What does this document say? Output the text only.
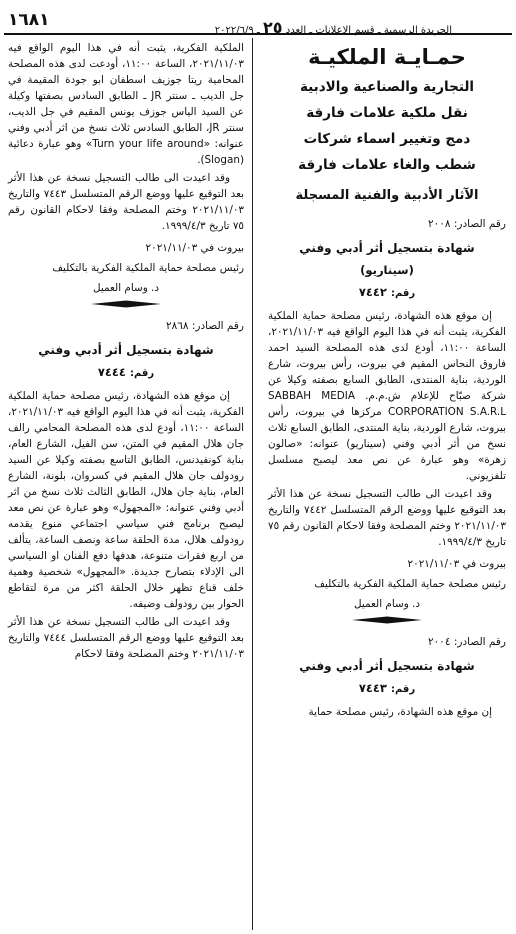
الجريدة الرسمية ـ قسم الاعلانات ـ العدد ٢٥ ـ ٢٠٢٢/٦/٩
١٦٨١
حمـايـة الملكيـة
التجارية والصناعية والادبية
نقل ملكية علامات فارقة
دمج وتغيير اسماء شركات
شطب والغاء علامات فارقة
الآثار الأدبية والفنية المسجلة
رقم الصادر: ٢٠٠٨
شهادة بتسجيل أثر أدبي وفني
(سيناريو)
رقم: ٧٤٤٢

إن موقع هذه الشهادة، رئيس مصلحة حماية الملكية الفكرية، يثبت أنه في هذا اليوم الواقع فيه ٢٠٢١/١١/٠٣، الساعة ١١:٠٠، أودع لدى هذه المصلحة السيد احمد فاروق النحاس المقيم في بيروت، رأس بيروت، شارع الوردية، بناية المنتدى، الطابق السابع بصفته وكيلا عن شركة صبّاح للإعلام ش.م.م. SABBAH MEDIA CORPORATION S.A.R.L مركزها في بيروت، رأس بيروت، شارع الوردية، بناية المنتدى، الطابق السابع ثلاث نسخ من أثر أدبي وفني (سيناريو) عنوانه: «صالون زهرة» وهو عبارة عن نص معد ليصبح مسلسل تلفزيوني.

وقد اعيدت الى طالب التسجيل نسخة عن هذا الأثر بعد التوقيع عليها ووضع الرقم المتسلسل ٧٤٤٢ والتاريخ ٢٠٢١/١١/٠٣ وختم المصلحة وفقا لاحكام القانون رقم ٧٥ تاريخ ١٩٩٩/٤/٣.

بيروت في ٢٠٢١/١١/٠٣
رئيس مصلحة حماية الملكية الفكرية بالتكليف
د. وسام العميل
رقم الصادر: ٢٠٠٤
شهادة بتسجيل أثر أدبي وفني
رقم: ٧٤٤٣

إن موقع هذه الشهادة، رئيس مصلحة حماية

الملكية الفكرية، يثبت أنه في هذا اليوم الواقع فيه ٢٠٢١/١١/٠٣، الساعة ١١:٠٠، أودعت لدى هذه المصلحة المحامية ريتا جوزيف اسطفان ابو جودة المقيمة في جل الديب ـ سنتر JR ـ الطابق السادس بصفتها وكيلة عن السيد الياس جوزف يونس المقيم في جل الديب، سنتر JR، الطابق السادس ثلاث نسخ من اثر أدبي وفني عنوانه: «Turn your life around» وهو عبارة دعائية (Slogan).

وقد اعيدت الى طالب التسجيل نسخة عن هذا الأثر بعد التوقيع عليها ووضع الرقم المتسلسل ٧٤٤٣ والتاريخ ٢٠٢١/١١/٠٣ وختم المصلحة وفقا لاحكام القانون رقم ٧٥ تاريخ ١٩٩٩/٤/٣.

بيروت في ٢٠٢١/١١/٠٣
رئيس مصلحة حماية الملكية الفكرية بالتكليف
د. وسام العميل
رقم الصادر: ٢٨٦٨
شهادة بتسجيل أثر أدبي وفني
رقم: ٧٤٤٤

إن موقع هذه الشهادة، رئيس مصلحة حماية الملكية الفكرية، يثبت أنه في هذا اليوم الواقع فيه ٢٠٢١/١١/٠٣، الساعة ١١:٠٠، أودع لدى هذه المصلحة المحامي رالف جان هلال المقيم في المتن، سن الفيل، الشارع العام، بناية كونفيدنس، الطابق التاسع بصفته وكيلا عن السيد رودولف جان هلال المقيم في كسروان، بلونة، الشارع العام، بناية جان هلال، الطابق الثالث ثلاث نسخ من اثر أدبي وفني عنوانه: «المجهول» وهو عبارة عن نص معد ليصبح برنامج فني سياسي اجتماعي منوع يقدمه رودولف هلال، مدة الحلقة ساعة ونصف الساعة، يتألف من اربع فقرات متنوعة، هدفها دفع الفنان او السياسي الى الإدلاء بتصارح جديدة. «المجهول» شخصية وهمية خلف قناع تظهر خلال الحلقة اكثر من مرة لتقاطع الحوار بين رودولف وضيفه.

وقد اعيدت الى طالب التسجيل نسخة عن هذا الأثر بعد التوقيع عليها ووضع الرقم المتسلسل ٧٤٤٤ والتاريخ ٢٠٢١/١١/٠٣ وختم المصلحة وفقا لاحكام
